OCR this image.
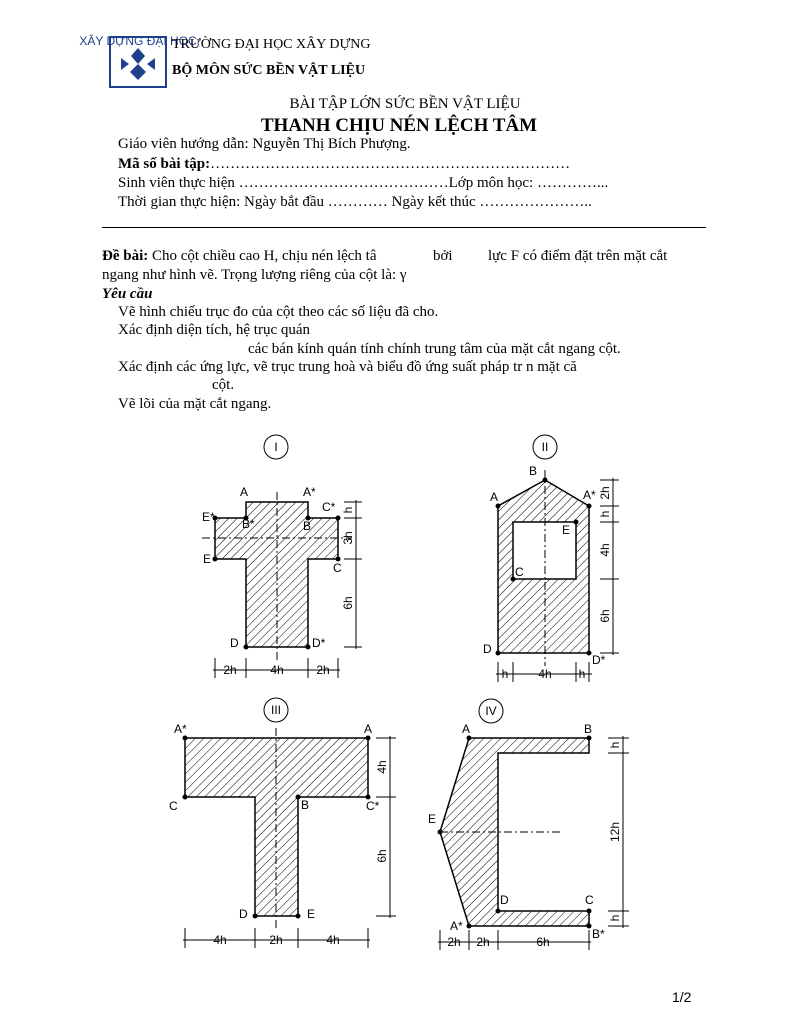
XÂY DỰNG ĐẠI HỌC
TRƯỜNG ĐẠI HỌC XÂY DỰNG
BỘ MÔN SỨC BỀN VẬT LIỆU
BÀI TẬP LỚN SỨC BỀN VẬT LIỆU
THANH CHỊU NÉN LỆCH TÂM
Giáo viên hướng dẫn: Nguyễn Thị Bích Phượng.
Mã số bài tập:………………………………………………………………
Sinh viên thực hiện ……………………………………Lớp môn học: …………...
Thời gian thực hiện: Ngày bắt đầu ………… Ngày kết thúc …………………..
Đề bài: Cho cột chiều cao H, chịu nén lệch tâ	bởi lực F có điểm đặt trên mặt cắt
ngang như hình vẽ. Trọng lượng riêng của cột là: γ
Yêu cầu
Vẽ hình chiếu trục đo của cột theo các số liệu đã cho.
Xác định diện tích, hệ trục quán
các bán kính quán tính chính trung tâm của mặt cắt ngang cột.
Xác định các ứng lực, vẽ trục trung hoà và biểu đồ ứng suất pháp tr n mặt că
cột.
Vẽ lõi của mặt cắt ngang.
I
A	A*
B*	B
C*
C
E*
E
D	D*
2h	4h	2h
h
3h
6h
II
B
A	A*
E
C
D
D*
h 4h h
2h
h
4h
6h
III
A*	A
C	B	C*
D	E
4h	2h	4h
4h
6h
IV
A	B
E
D	C
A*
B*
2h 2h	6h
h
12h
h
1/2
